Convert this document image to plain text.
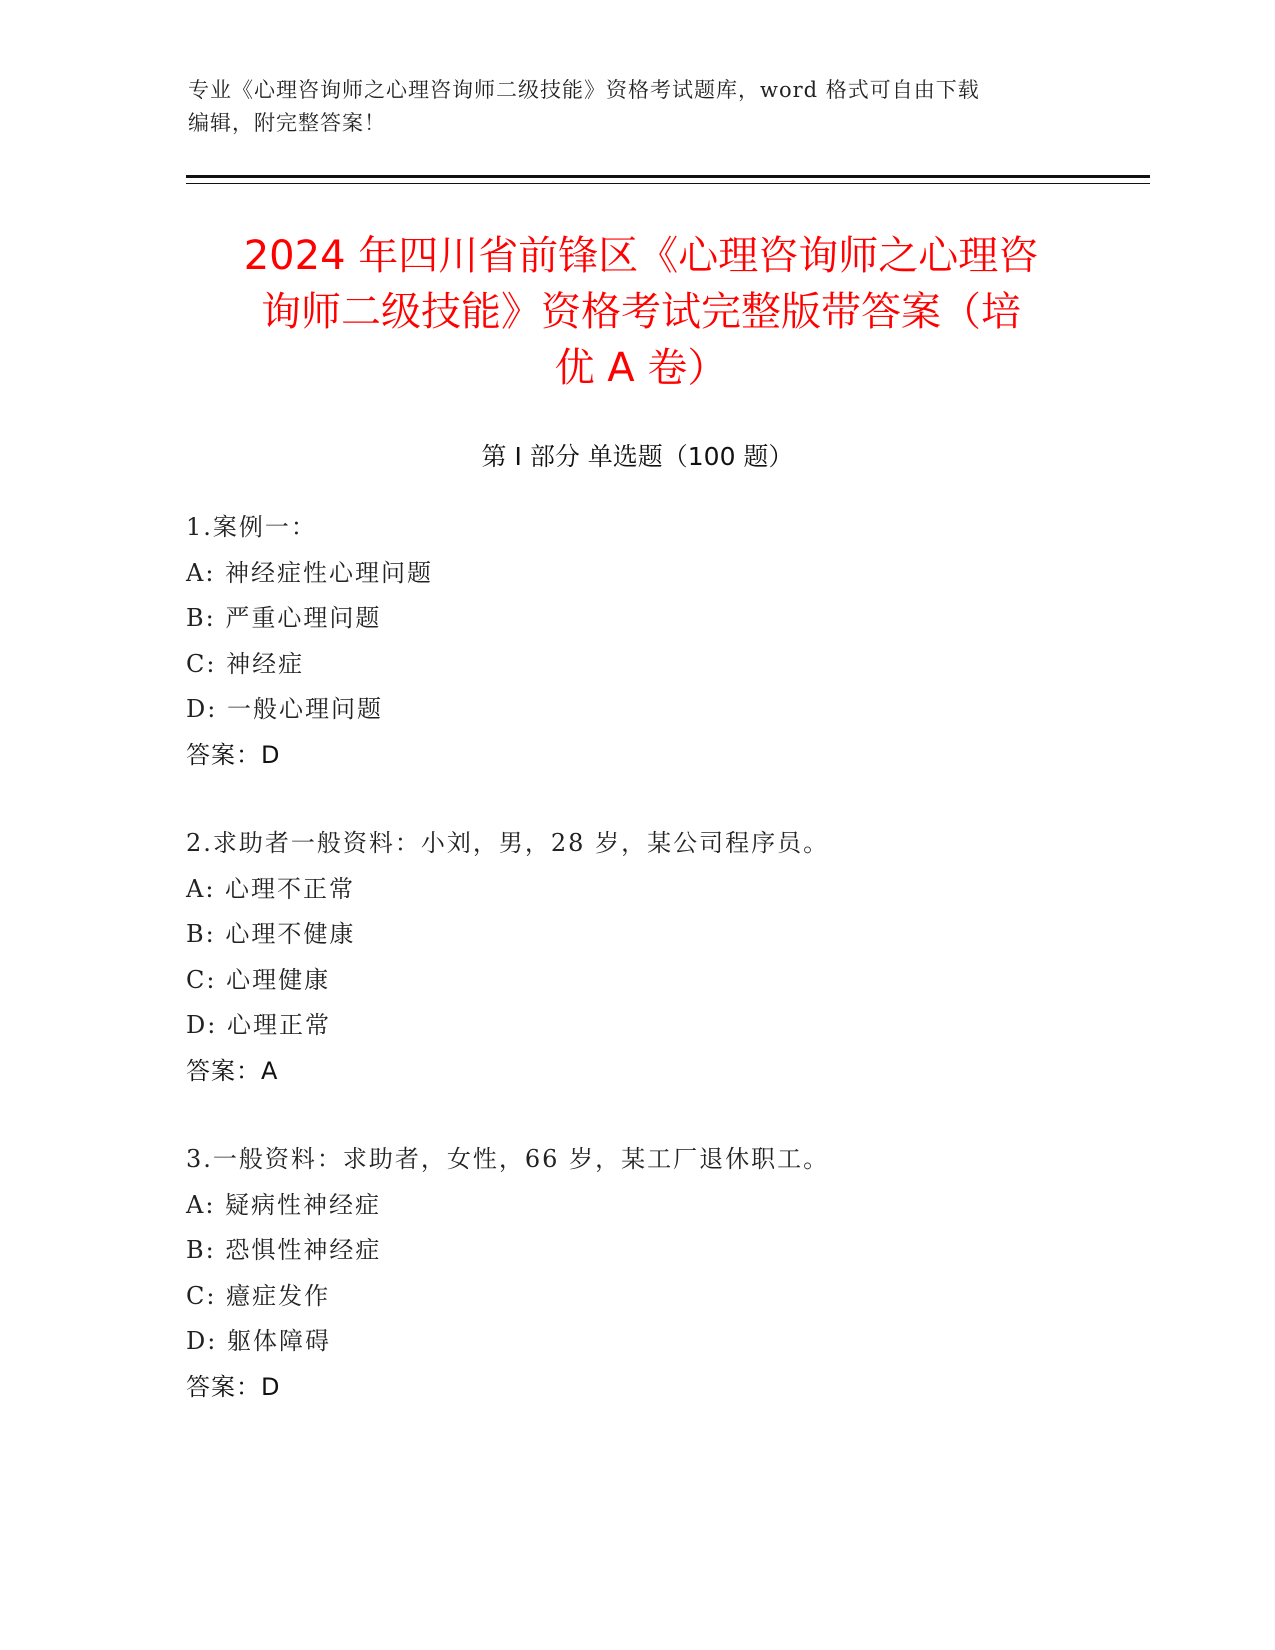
专业《心理咨询师之心理咨询师二级技能》资格考试题库，word 格式可自由下载
编辑，附完整答案！
2024 年四川省前锋区《心理咨询师之心理咨
询师二级技能》资格考试完整版带答案（培
优 A 卷）
第 I 部分 单选题（100 题）
1.案例一：
A: 神经症性心理问题
B: 严重心理问题
C: 神经症
D: 一般心理问题
答案：D
2.求助者一般资料：小刘，男，28 岁，某公司程序员。
A: 心理不正常
B: 心理不健康
C: 心理健康
D: 心理正常
答案：A
3.一般资料：求助者，女性，66 岁，某工厂退休职工。
A: 疑病性神经症
B: 恐惧性神经症
C: 癔症发作
D: 躯体障碍
答案：D
